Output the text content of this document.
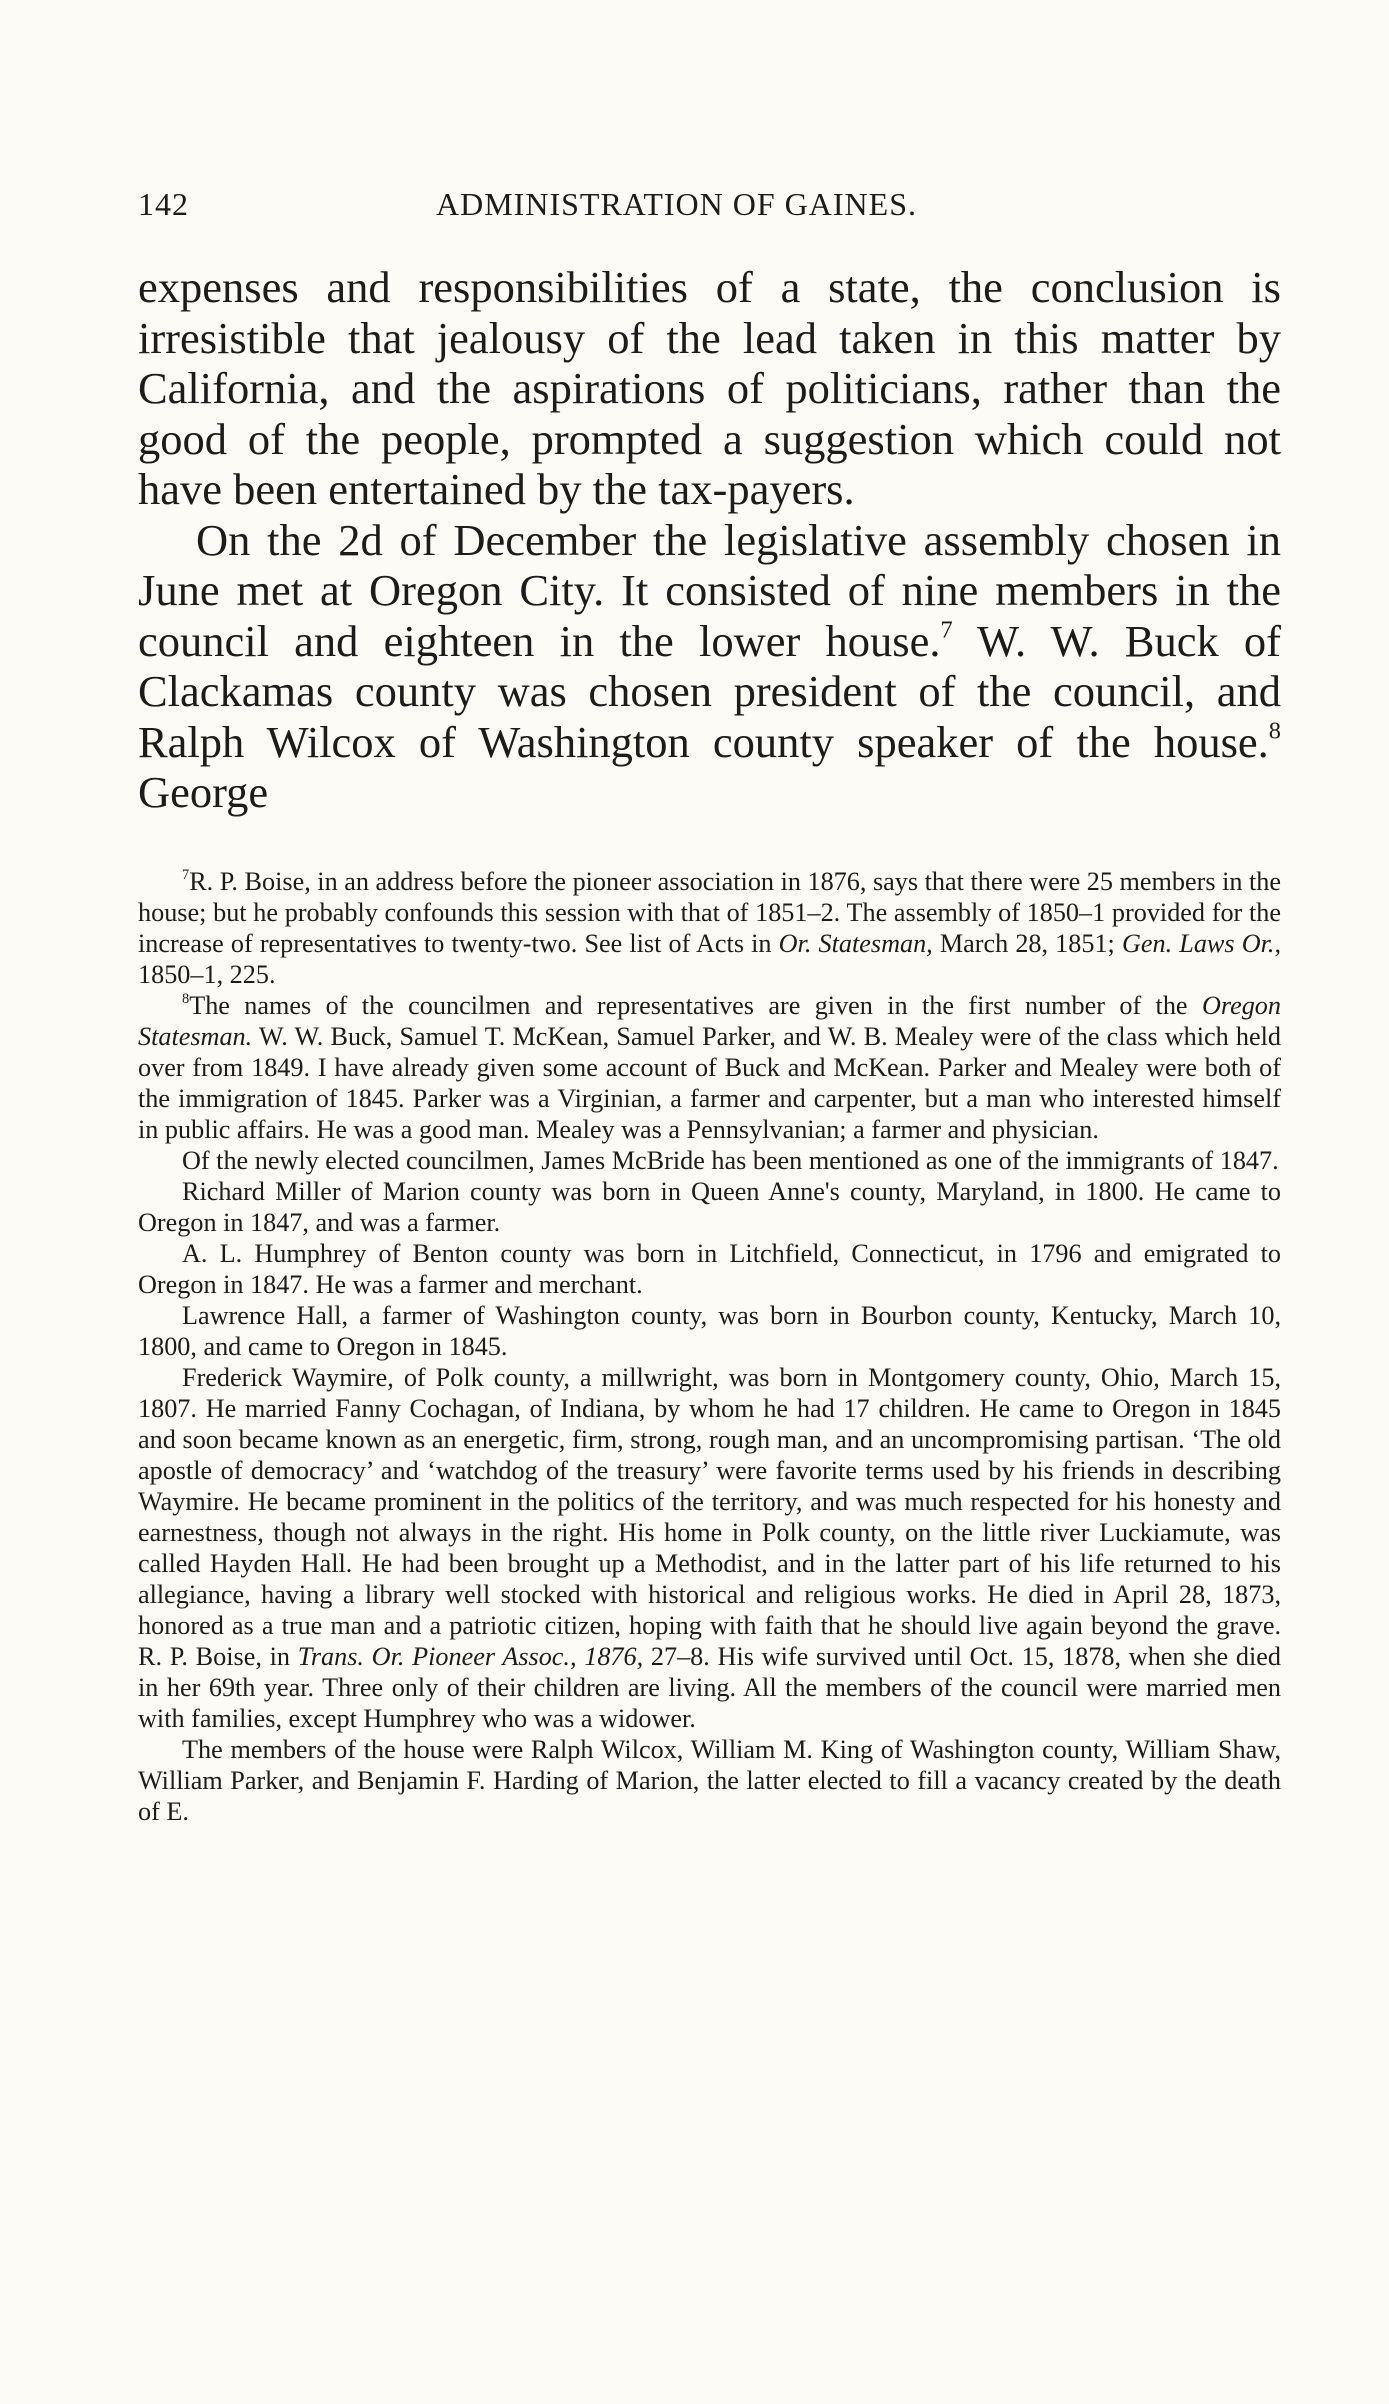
142	ADMINISTRATION OF GAINES.

expenses and responsibilities of a state, the conclusion is irresistible that jealousy of the lead taken in this matter by California, and the aspirations of politicians, rather than the good of the people, prompted a suggestion which could not have been entertained by the tax-payers.

On the 2d of December the legislative assembly chosen in June met at Oregon City. It consisted of nine members in the council and eighteen in the lower house.$^7$ W. W. Buck of Clackamas county was chosen president of the council, and Ralph Wilcox of Washington county speaker of the house.$^8$ George

$^7$R. P. Boise, in an address before the pioneer association in 1876, says that there were 25 members in the house; but he probably confounds this session with that of 1851–2. The assembly of 1850–1 provided for the increase of representatives to twenty-two. See list of Acts in Or. Statesman, March 28, 1851; Gen. Laws Or., 1850–1, 225.

$^8$The names of the councilmen and representatives are given in the first number of the Oregon Statesman. W. W. Buck, Samuel T. McKean, Samuel Parker, and W. B. Mealey were of the class which held over from 1849. I have already given some account of Buck and McKean. Parker and Mealey were both of the immigration of 1845. Parker was a Virginian, a farmer and carpenter, but a man who interested himself in public affairs. He was a good man. Mealey was a Pennsylvanian; a farmer and physician.

Of the newly elected councilmen, James McBride has been mentioned as one of the immigrants of 1847.

Richard Miller of Marion county was born in Queen Anne's county, Maryland, in 1800. He came to Oregon in 1847, and was a farmer.

A. L. Humphrey of Benton county was born in Litchfield, Connecticut, in 1796 and emigrated to Oregon in 1847. He was a farmer and merchant.

Lawrence Hall, a farmer of Washington county, was born in Bourbon county, Kentucky, March 10, 1800, and came to Oregon in 1845.

Frederick Waymire, of Polk county, a millwright, was born in Montgomery county, Ohio, March 15, 1807. He married Fanny Cochagan, of Indiana, by whom he had 17 children. He came to Oregon in 1845 and soon became known as an energetic, firm, strong, rough man, and an uncompromising partisan. ‘The old apostle of democracy’ and ‘watchdog of the treasury’ were favorite terms used by his friends in describing Waymire. He became prominent in the politics of the territory, and was much respected for his honesty and earnestness, though not always in the right. His home in Polk county, on the little river Luckiamute, was called Hayden Hall. He had been brought up a Methodist, and in the latter part of his life returned to his allegiance, having a library well stocked with historical and religious works. He died in April 28, 1873, honored as a true man and a patriotic citizen, hoping with faith that he should live again beyond the grave. R. P. Boise, in Trans. Or. Pioneer Assoc., 1876, 27–8. His wife survived until Oct. 15, 1878, when she died in her 69th year. Three only of their children are living. All the members of the council were married men with families, except Humphrey who was a widower.

The members of the house were Ralph Wilcox, William M. King of Washington county, William Shaw, William Parker, and Benjamin F. Harding of Marion, the latter elected to fill a vacancy created by the death of E.
